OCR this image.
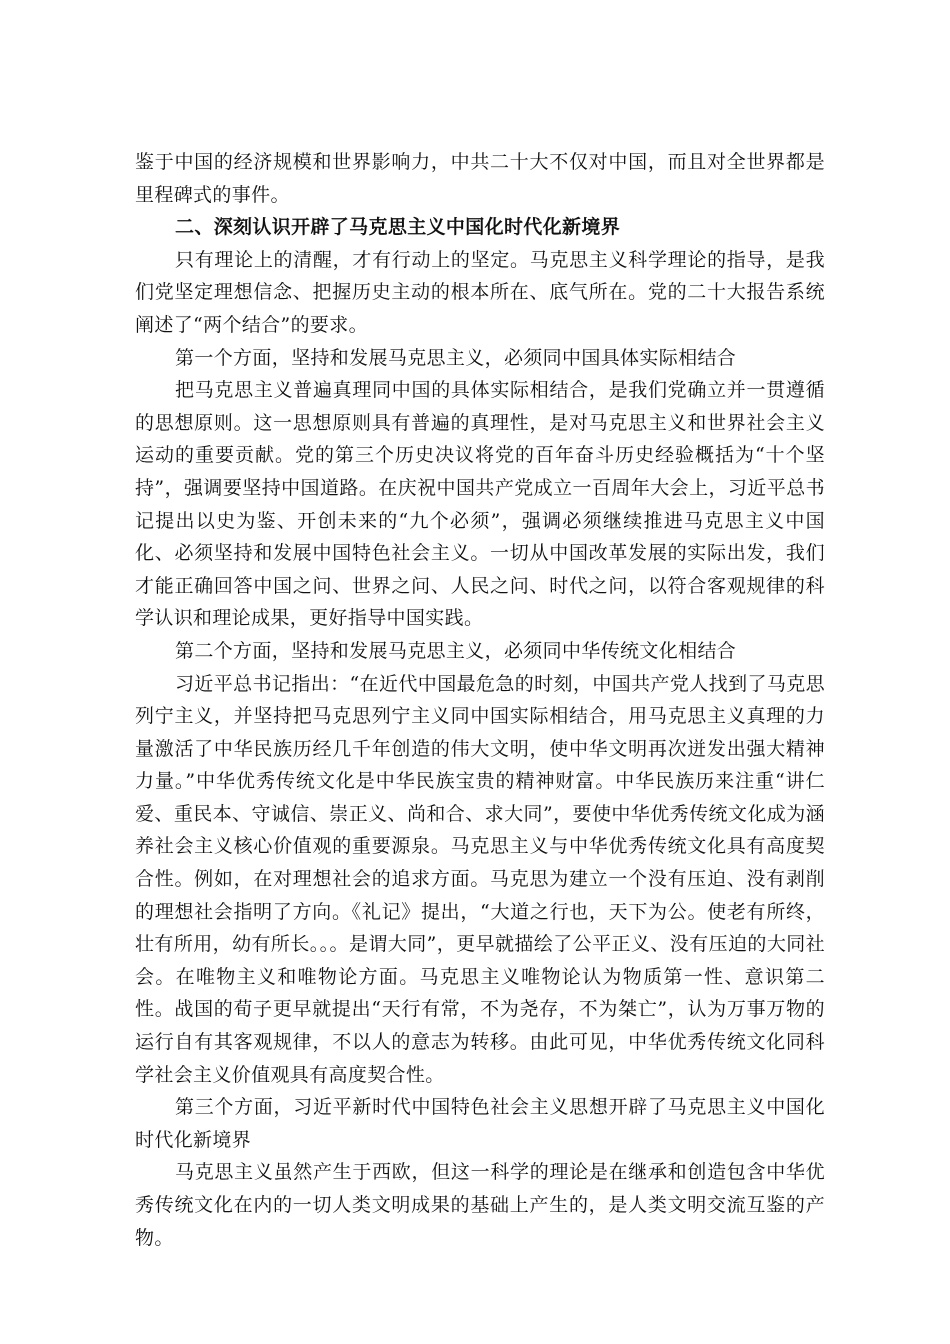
鉴于中国的经济规模和世界影响力，中共二十大不仅对中国，而且对全世界都是里程碑式的事件。

二、深刻认识开辟了马克思主义中国化时代化新境界

只有理论上的清醒，才有行动上的坚定。马克思主义科学理论的指导，是我们党坚定理想信念、把握历史主动的根本所在、底气所在。党的二十大报告系统阐述了“两个结合”的要求。

第一个方面，坚持和发展马克思主义，必须同中国具体实际相结合

把马克思主义普遍真理同中国的具体实际相结合，是我们党确立并一贯遵循的思想原则。这一思想原则具有普遍的真理性，是对马克思主义和世界社会主义运动的重要贡献。党的第三个历史决议将党的百年奋斗历史经验概括为“十个坚持”，强调要坚持中国道路。在庆祝中国共产党成立一百周年大会上，习近平总书记提出以史为鉴、开创未来的“九个必须”，强调必须继续推进马克思主义中国化、必须坚持和发展中国特色社会主义。一切从中国改革发展的实际出发，我们才能正确回答中国之问、世界之问、人民之问、时代之问，以符合客观规律的科学认识和理论成果，更好指导中国实践。

第二个方面，坚持和发展马克思主义，必须同中华传统文化相结合

习近平总书记指出：“在近代中国最危急的时刻，中国共产党人找到了马克思列宁主义，并坚持把马克思列宁主义同中国实际相结合，用马克思主义真理的力量激活了中华民族历经几千年创造的伟大文明，使中华文明再次迸发出强大精神力量。”中华优秀传统文化是中华民族宝贵的精神财富。中华民族历来注重“讲仁爱、重民本、守诚信、崇正义、尚和合、求大同”，要使中华优秀传统文化成为涵养社会主义核心价值观的重要源泉。马克思主义与中华优秀传统文化具有高度契合性。例如，在对理想社会的追求方面。马克思为建立一个没有压迫、没有剥削的理想社会指明了方向。《礼记》提出，“大道之行也，天下为公。使老有所终，壮有所用，幼有所长。。。是谓大同”，更早就描绘了公平正义、没有压迫的大同社会。在唯物主义和唯物论方面。马克思主义唯物论认为物质第一性、意识第二性。战国的荀子更早就提出“天行有常，不为尧存，不为桀亡”，认为万事万物的运行自有其客观规律，不以人的意志为转移。由此可见，中华优秀传统文化同科学社会主义价值观具有高度契合性。

第三个方面，习近平新时代中国特色社会主义思想开辟了马克思主义中国化时代化新境界

马克思主义虽然产生于西欧，但这一科学的理论是在继承和创造包含中华优秀传统文化在内的一切人类文明成果的基础上产生的，是人类文明交流互鉴的产物。
